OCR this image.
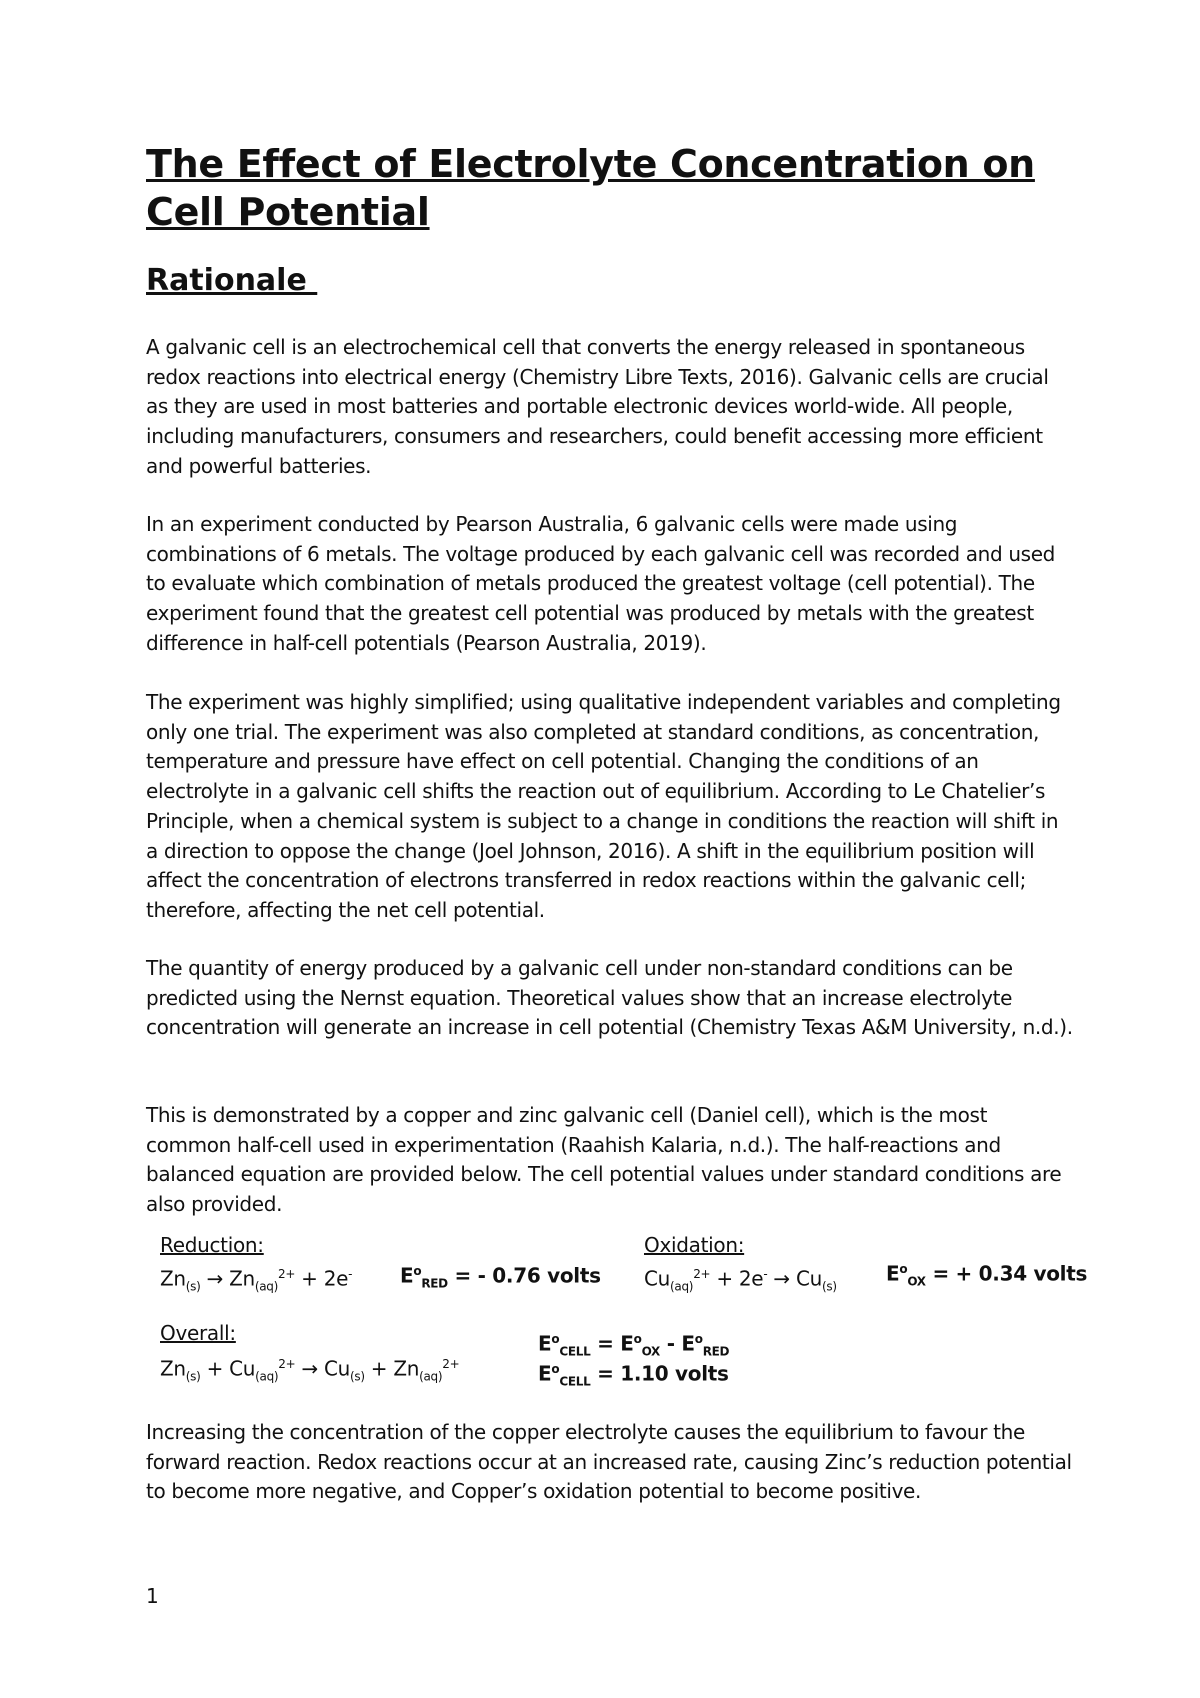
The Effect of Electrolyte Concentration on Cell Potential
Rationale

A galvanic cell is an electrochemical cell that converts the energy released in spontaneous redox reactions into electrical energy (Chemistry Libre Texts, 2016). Galvanic cells are crucial as they are used in most batteries and portable electronic devices world-wide. All people, including manufacturers, consumers and researchers, could benefit accessing more efficient and powerful batteries.

In an experiment conducted by Pearson Australia, 6 galvanic cells were made using combinations of 6 metals. The voltage produced by each galvanic cell was recorded and used to evaluate which combination of metals produced the greatest voltage (cell potential). The experiment found that the greatest cell potential was produced by metals with the greatest difference in half-cell potentials (Pearson Australia, 2019).

The experiment was highly simplified; using qualitative independent variables and completing only one trial. The experiment was also completed at standard conditions, as concentration, temperature and pressure have effect on cell potential. Changing the conditions of an electrolyte in a galvanic cell shifts the reaction out of equilibrium. According to Le Chatelier’s Principle, when a chemical system is subject to a change in conditions the reaction will shift in a direction to oppose the change (Joel Johnson, 2016). A shift in the equilibrium position will affect the concentration of electrons transferred in redox reactions within the galvanic cell; therefore, affecting the net cell potential.

The quantity of energy produced by a galvanic cell under non-standard conditions can be predicted using the Nernst equation. Theoretical values show that an increase electrolyte concentration will generate an increase in cell potential (Chemistry Texas A&M University, n.d.).

This is demonstrated by a copper and zinc galvanic cell (Daniel cell), which is the most common half-cell used in experimentation (Raahish Kalaria, n.d.). The half-reactions and balanced equation are provided below. The cell potential values under standard conditions are also provided.

Reduction:
$Zn_{(s)} \to Zn_{(aq)}^{2+} + 2e^-$ $E^o_{RED}$ = - 0.76 volts
Oxidation:
$Cu_{(aq)}^{2+} + 2e^- \to Cu_{(s)}$
$E^o_{OX}$ = + 0.34 volts
Overall:
$Zn_{(s)} + Cu_{(aq)}^{2+} \to Cu_{(s)} + Zn_{(aq)}^{2+}$
$E^o_{CELL} = E^o_{OX} - E^o_{RED}$
$E^o_{CELL} = 1.10$ volts

Increasing the concentration of the copper electrolyte causes the equilibrium to favour the forward reaction. Redox reactions occur at an increased rate, causing Zinc’s reduction potential to become more negative, and Copper’s oxidation potential to become positive.

1
